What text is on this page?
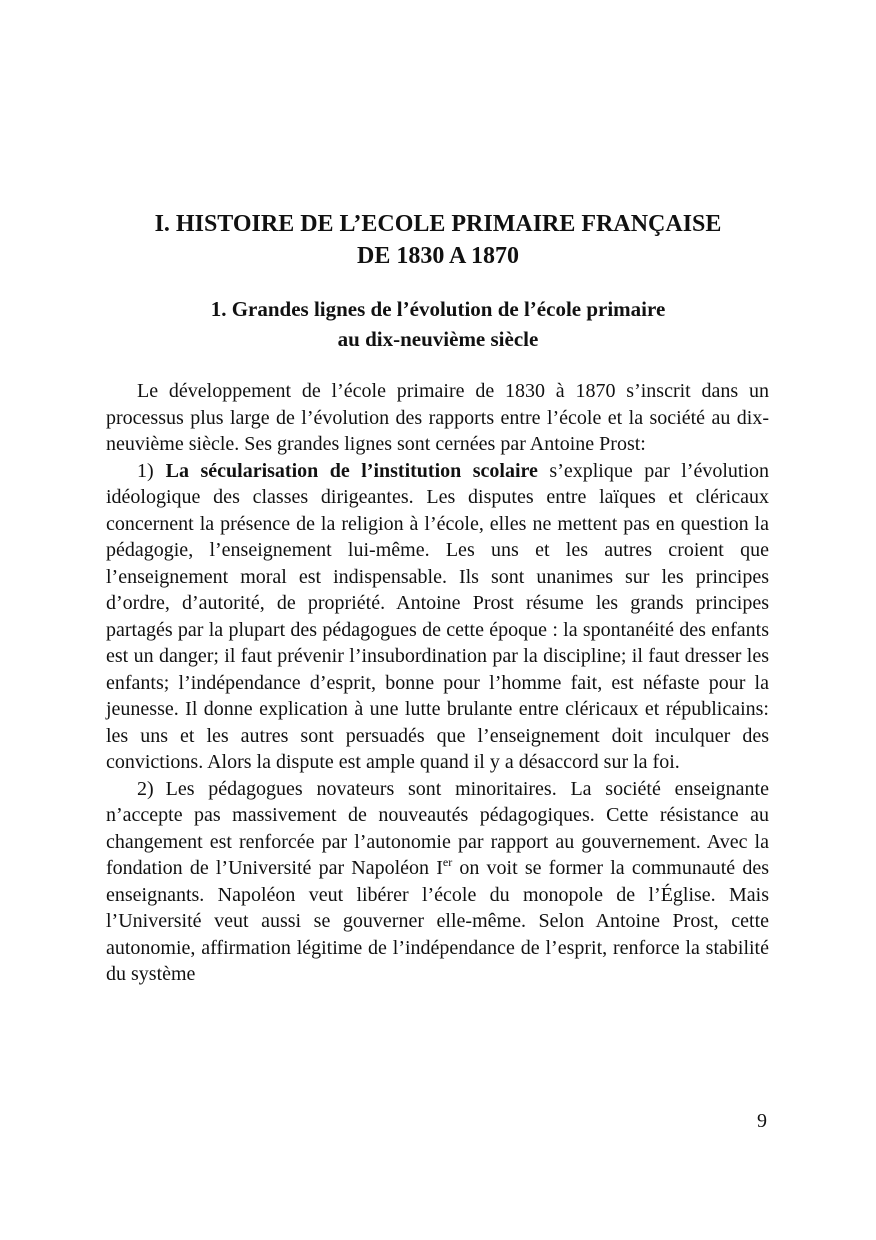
I. HISTOIRE DE L’ECOLE PRIMAIRE FRANÇAISE
DE 1830 A 1870
1. Grandes lignes de l’évolution de l’école primaire
au dix-neuvième siècle

Le développement de l’école primaire de 1830 à 1870 s’inscrit dans un processus plus large de l’évolution des rapports entre l’école et la société au dix-neuvième siècle. Ses grandes lignes sont cernées par Antoine Prost:

1) La sécularisation de l’institution scolaire s’explique par l’évolution idéologique des classes dirigeantes. Les disputes entre laïques et cléricaux concernent la présence de la religion à l’école, elles ne mettent pas en question la pédagogie, l’enseignement lui-même. Les uns et les autres croient que l’enseignement moral est indispensable. Ils sont unanimes sur les principes d’ordre, d’autorité, de propriété. Antoine Prost résume les grands principes partagés par la plupart des pédagogues de cette époque : la spontanéité des enfants est un danger; il faut prévenir l’insubordination par la discipline; il faut dresser les enfants; l’indépendance d’esprit, bonne pour l’homme fait, est néfaste pour la jeunesse. Il donne explication à une lutte brulante entre cléricaux et républicains: les uns et les autres sont persuadés que l’enseignement doit inculquer des convictions. Alors la dispute est ample quand il y a désaccord sur la foi.

2) Les pédagogues novateurs sont minoritaires. La société enseignante n’accepte pas massivement de nouveautés pédagogiques. Cette résistance au changement est renforcée par l’autonomie par rapport au gouvernement. Avec la fondation de l’Université par Napoléon Ier on voit se former la communauté des enseignants. Napoléon veut libérer l’école du monopole de l’Église. Mais l’Université veut aussi se gouverner elle-même. Selon Antoine Prost, cette autonomie, affirmation légitime de l’indépendance de l’esprit, renforce la stabilité du système

9
